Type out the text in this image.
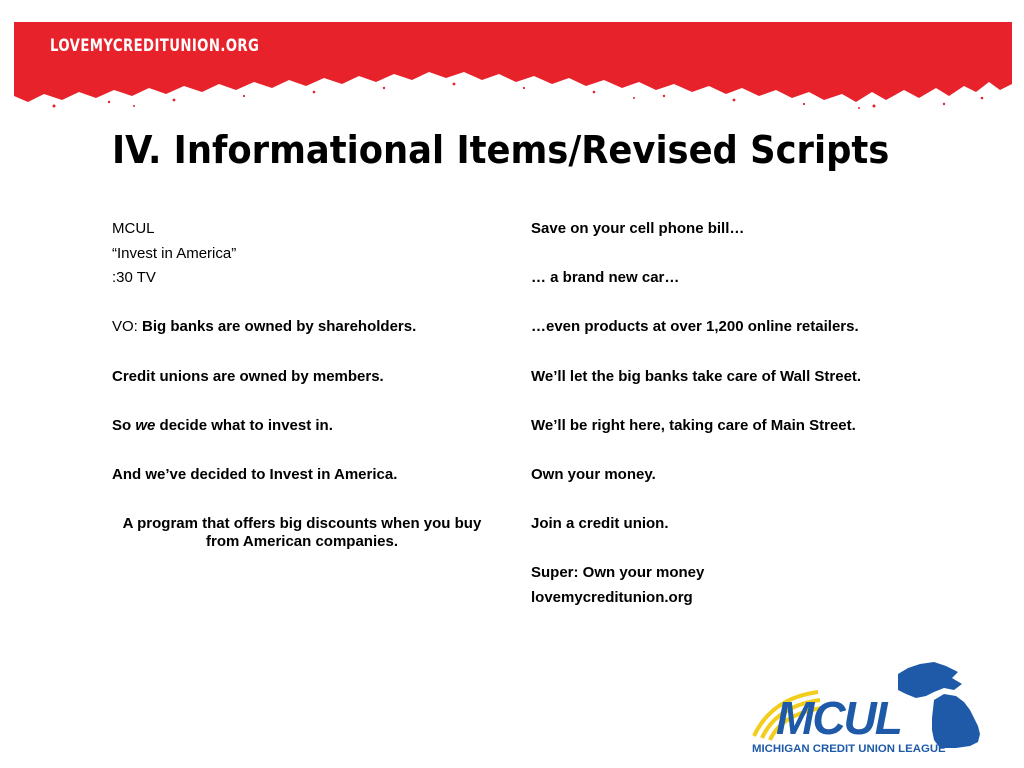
LOVEMYCREDITUNION.ORG
IV. Informational Items/Revised Scripts
MCUL
“Invest in America”
:30 TV
VO: Big banks are owned by shareholders.
Credit unions are owned by members.
So we decide what to invest in.
And we’ve decided to Invest in America.
A program that offers big discounts when you buy from American companies.
Save on your cell phone bill…
… a brand new car…
…even products at over 1,200 online retailers.
We’ll let the big banks take care of Wall Street.
We’ll be right here, taking care of Main Street.
Own your money.
Join a credit union.
Super: Own your money
lovemycreditunion.org
MCUL
MICHIGAN CREDIT UNION LEAGUE
